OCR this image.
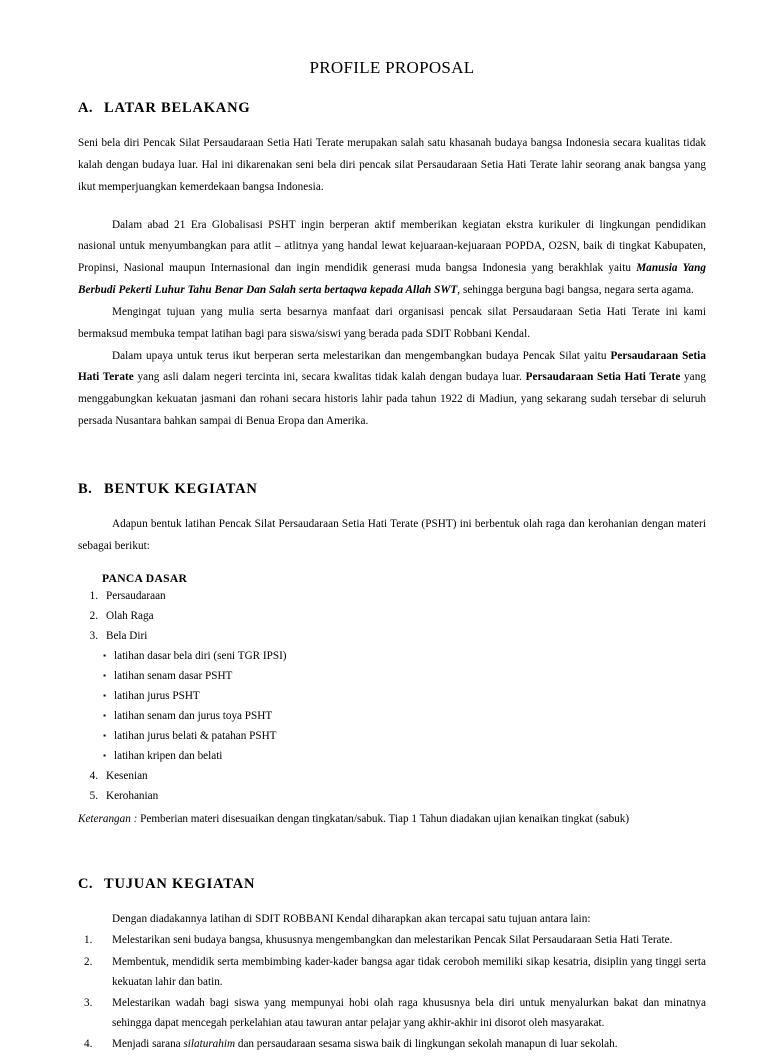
PROFILE PROPOSAL
A. LATAR BELAKANG

Seni bela diri Pencak Silat Persaudaraan Setia Hati Terate merupakan salah satu khasanah budaya bangsa Indonesia secara kualitas tidak kalah dengan budaya luar. Hal ini dikarenakan seni bela diri pencak silat Persaudaraan Setia Hati Terate lahir seorang anak bangsa yang ikut memperjuangkan kemerdekaan bangsa Indonesia.

Dalam abad 21 Era Globalisasi PSHT ingin berperan aktif memberikan kegiatan ekstra kurikuler di lingkungan pendidikan nasional untuk menyumbangkan para atlit – atlitnya yang handal lewat kejuaraan-kejuaraan POPDA, O2SN, baik di tingkat Kabupaten, Propinsi, Nasional maupun Internasional dan ingin mendidik generasi muda bangsa Indonesia yang berakhlak yaitu Manusia Yang Berbudi Pekerti Luhur Tahu Benar Dan Salah serta bertaqwa kepada Allah SWT, sehingga berguna bagi bangsa, negara serta agama.

Mengingat tujuan yang mulia serta besarnya manfaat dari organisasi pencak silat Persaudaraan Setia Hati Terate ini kami bermaksud membuka tempat latihan bagi para siswa/siswi yang berada pada SDIT Robbani Kendal.

Dalam upaya untuk terus ikut berperan serta melestarikan dan mengembangkan budaya Pencak Silat yaitu Persaudaraan Setia Hati Terate yang asli dalam negeri tercinta ini, secara kwalitas tidak kalah dengan budaya luar. Persaudaraan Setia Hati Terate yang menggabungkan kekuatan jasmani dan rohani secara historis lahir pada tahun 1922 di Madiun, yang sekarang sudah tersebar di seluruh persada Nusantara bahkan sampai di Benua Eropa dan Amerika.

B. BENTUK KEGIATAN

Adapun bentuk latihan Pencak Silat Persaudaraan Setia Hati Terate (PSHT) ini berbentuk olah raga dan kerohanian dengan materi sebagai berikut:

PANCA DASAR
1. Persaudaraan
2. Olah Raga
3. Bela Diri
▪ latihan dasar bela diri (seni TGR IPSI)
▪ latihan senam dasar PSHT
▪ latihan jurus PSHT
▪ latihan senam dan jurus toya PSHT
▪ latihan jurus belati & patahan PSHT
▪ latihan kripen dan belati
4. Kesenian
5. Kerohanian
Keterangan : Pemberian materi disesuaikan dengan tingkatan/sabuk. Tiap 1 Tahun diadakan ujian kenaikan tingkat (sabuk)
C. TUJUAN KEGIATAN

Dengan diadakannya latihan di SDIT ROBBANI Kendal diharapkan akan tercapai satu tujuan antara lain:

1.	Melestarikan seni budaya bangsa, khususnya mengembangkan dan melestarikan Pencak Silat Persaudaraan Setia Hati Terate.
2.	Membentuk, mendidik serta membimbing kader-kader bangsa agar tidak ceroboh memiliki sikap kesatria, disiplin yang tinggi serta kekuatan lahir dan batin.
3.	Melestarikan wadah bagi siswa yang mempunyai hobi olah raga khususnya bela diri untuk menyalurkan bakat dan minatnya sehingga dapat mencegah perkelahian atau tawuran antar pelajar yang akhir-akhir ini disorot oleh masyarakat.
4.	Menjadi sarana silaturahim dan persaudaraan sesama siswa baik di lingkungan sekolah manapun di luar sekolah.
